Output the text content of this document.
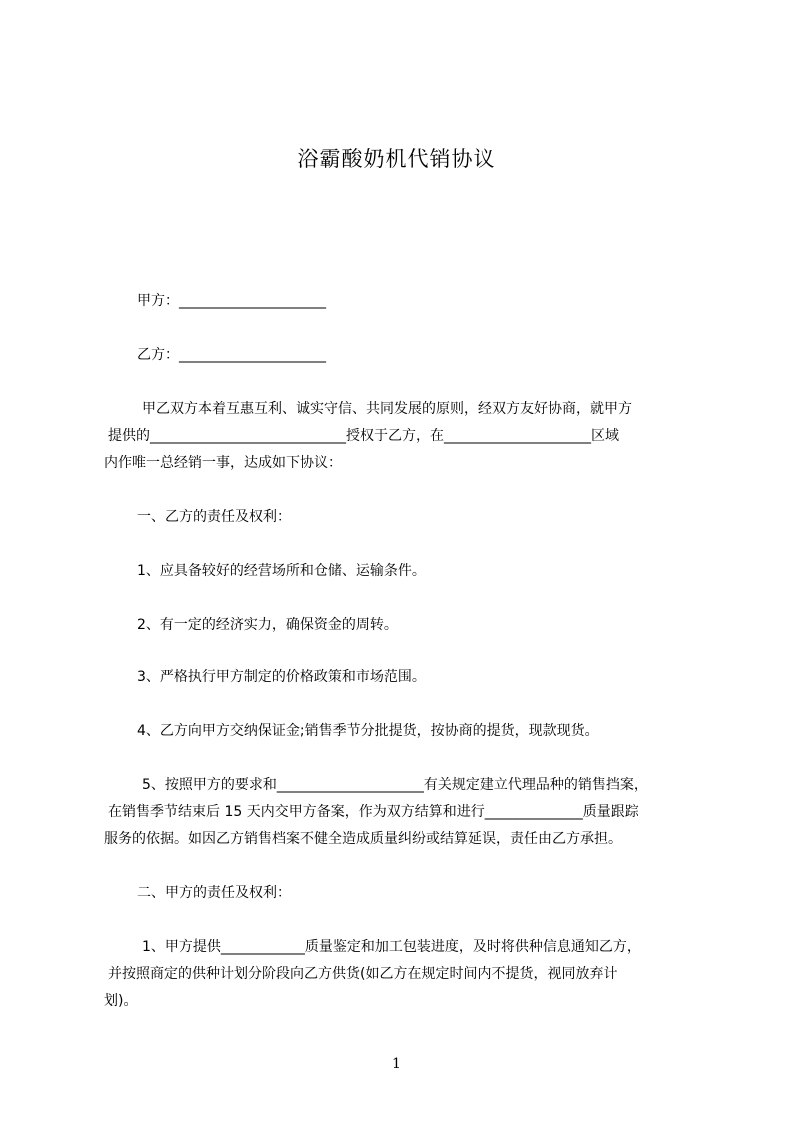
浴霸酸奶机代销协议
甲方：_____________________
乙方：_____________________
甲乙双方本着互惠互利、诚实守信、共同发展的原则，经双方友好协商，就甲方
提供的____________________________授权于乙方，在_____________________区域
内作唯一总经销一事，达成如下协议：
一、乙方的责任及权利：
1、应具备较好的经营场所和仓储、运输条件。
2、有一定的经济实力，确保资金的周转。
3、严格执行甲方制定的价格政策和市场范围。
4、乙方向甲方交纳保证金;销售季节分批提货，按协商的提货，现款现货。
5、按照甲方的要求和_____________________有关规定建立代理品种的销售挡案，
在销售季节结束后 15 天内交甲方备案，作为双方结算和进行______________质量跟踪
服务的依据。如因乙方销售档案不健全造成质量纠纷或结算延误，责任由乙方承担。
二、甲方的责任及权利：
1、甲方提供____________质量鉴定和加工包装进度，及时将供种信息通知乙方，
并按照商定的供种计划分阶段向乙方供货(如乙方在规定时间内不提货，视同放弃计
划)。
1
